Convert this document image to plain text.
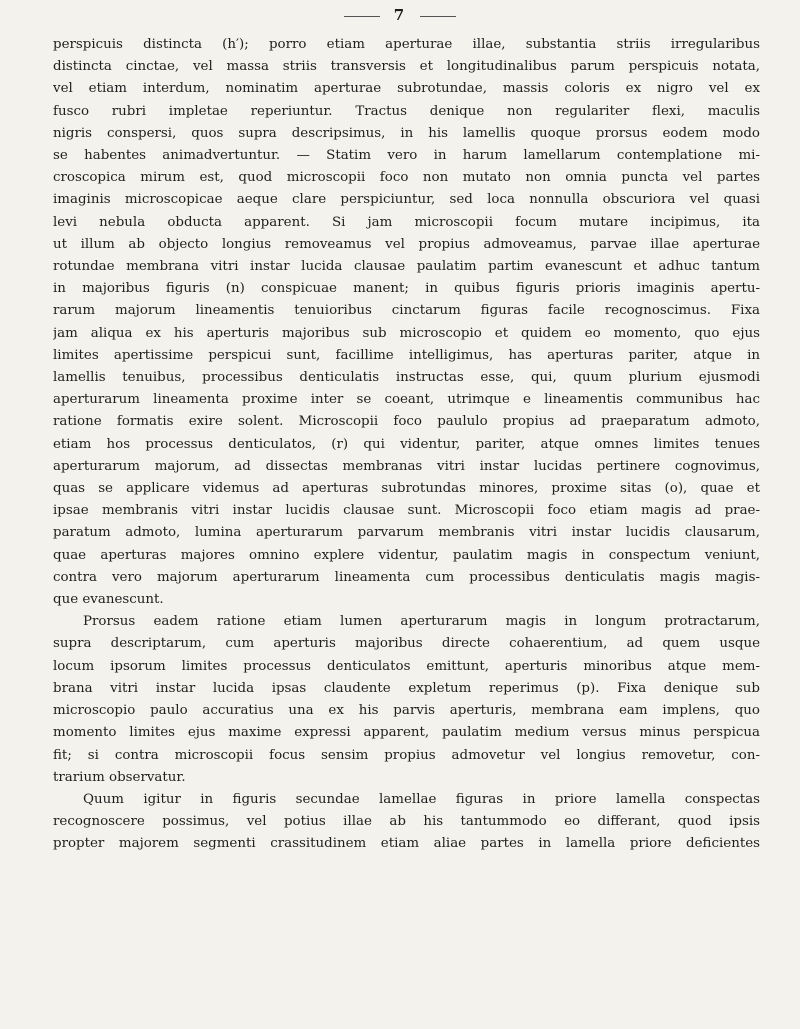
7

perspicuis distincta (h′); porro etiam aperturae illae, substantia striis irregularibus
distincta cinctae, vel massa striis transversis et longitudinalibus parum perspicuis notata,
vel etiam interdum, nominatim aperturae subrotundae, massis coloris ex nigro vel ex
fusco rubri impletae reperiuntur. Tractus denique non regulariter flexi, maculis
nigris conspersi, quos supra descripsimus, in his lamellis quoque prorsus eodem modo
se habentes animadvertuntur. — Statim vero in harum lamellarum contemplatione mi-
croscopica mirum est, quod microscopii foco non mutato non omnia puncta vel partes
imaginis microscopicae aeque clare perspiciuntur, sed loca nonnulla obscuriora vel quasi
levi nebula obducta apparent. Si jam microscopii focum mutare incipimus, ita
ut illum ab objecto longius removeamus vel propius admoveamus, parvae illae aperturae
rotundae membrana vitri instar lucida clausae paulatim partim evanescunt et adhuc tantum
in majoribus figuris (n) conspicuae manent; in quibus figuris prioris imaginis apertu-
rarum majorum lineamentis tenuioribus cinctarum figuras facile recognoscimus. Fixa
jam aliqua ex his aperturis majoribus sub microscopio et quidem eo momento, quo ejus
limites apertissime perspicui sunt, facillime intelligimus, has aperturas pariter, atque in
lamellis tenuibus, processibus denticulatis instructas esse, qui, quum plurium ejusmodi
aperturarum lineamenta proxime inter se coeant, utrimque e lineamentis communibus hac
ratione formatis exire solent. Microscopii foco paululo propius ad praeparatum admoto,
etiam hos processus denticulatos, (r) qui videntur, pariter, atque omnes limites tenues
aperturarum majorum, ad dissectas membranas vitri instar lucidas pertinere cognovimus,
quas se applicare videmus ad aperturas subrotundas minores, proxime sitas (o), quae et
ipsae membranis vitri instar lucidis clausae sunt. Microscopii foco etiam magis ad prae-
paratum admoto, lumina aperturarum parvarum membranis vitri instar lucidis clausarum,
quae aperturas majores omnino explere videntur, paulatim magis in conspectum veniunt,
contra vero majorum aperturarum lineamenta cum processibus denticulatis magis magis-
que evanescunt.

Prorsus eadem ratione etiam lumen aperturarum magis in longum protractarum,
supra descriptarum, cum aperturis majoribus directe cohaerentium, ad quem usque
locum ipsorum limites processus denticulatos emittunt, aperturis minoribus atque mem-
brana vitri instar lucida ipsas claudente expletum reperimus (p). Fixa denique sub
microscopio paulo accuratius una ex his parvis aperturis, membrana eam implens, quo
momento limites ejus maxime expressi apparent, paulatim medium versus minus perspicua
fit; si contra microscopii focus sensim propius admovetur vel longius removetur, con-
trarium observatur.

Quum igitur in figuris secundae lamellae figuras in priore lamella conspectas
recognoscere possimus, vel potius illae ab his tantummodo eo differant, quod ipsis
propter majorem segmenti crassitudinem etiam aliae partes in lamella priore deficientes
